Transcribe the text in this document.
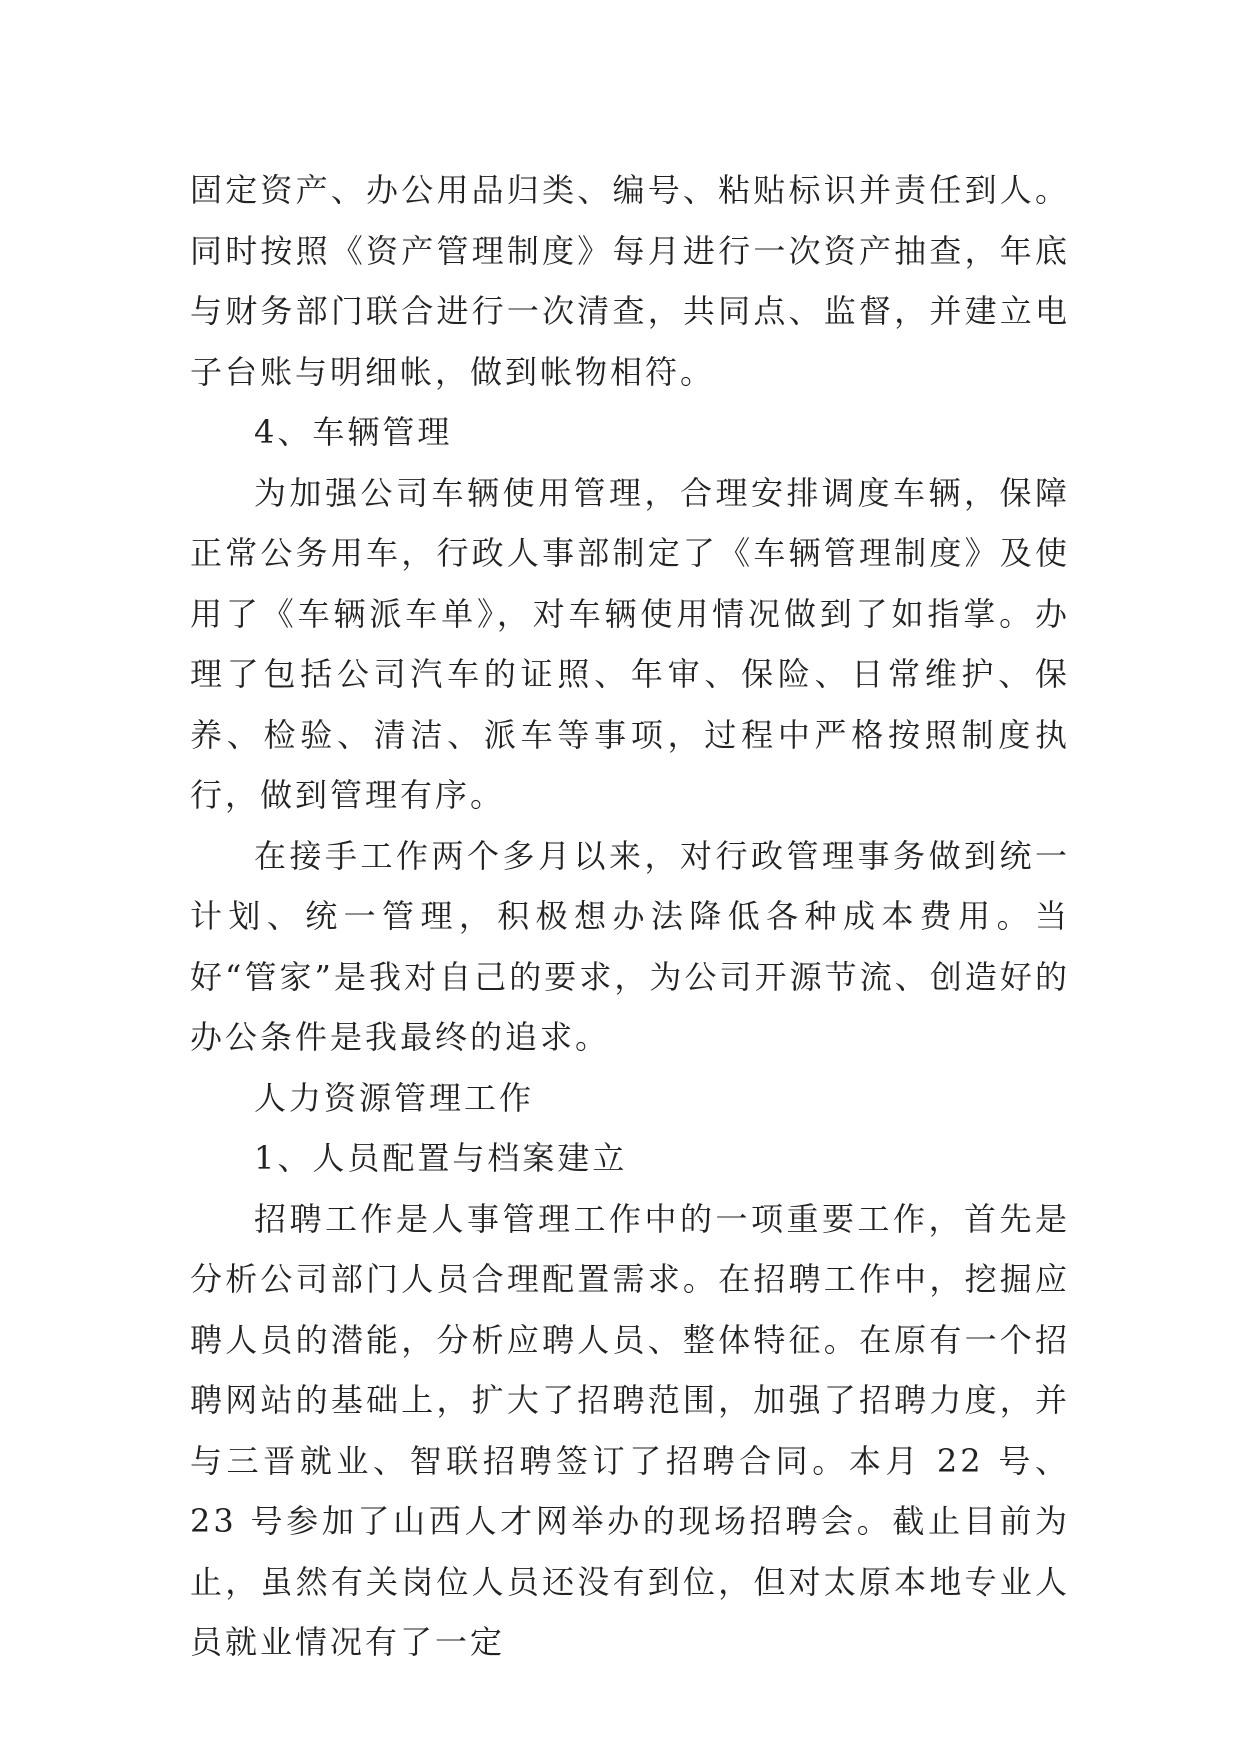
固定资产、办公用品归类、编号、粘贴标识并责任到人。同时按照《资产管理制度》每月进行一次资产抽查，年底与财务部门联合进行一次清查，共同点、监督，并建立电子台账与明细帐，做到帐物相符。

4、车辆管理

为加强公司车辆使用管理，合理安排调度车辆，保障正常公务用车，行政人事部制定了《车辆管理制度》及使用了《车辆派车单》，对车辆使用情况做到了如指掌。办理了包括公司汽车的证照、年审、保险、日常维护、保养、检验、清洁、派车等事项，过程中严格按照制度执行，做到管理有序。

在接手工作两个多月以来，对行政管理事务做到统一计划、统一管理，积极想办法降低各种成本费用。当好“管家”是我对自己的要求，为公司开源节流、创造好的办公条件是我最终的追求。

人力资源管理工作

1、人员配置与档案建立

招聘工作是人事管理工作中的一项重要工作，首先是分析公司部门人员合理配置需求。在招聘工作中，挖掘应聘人员的潜能，分析应聘人员、整体特征。在原有一个招聘网站的基础上，扩大了招聘范围，加强了招聘力度，并与三晋就业、智联招聘签订了招聘合同。本月 22 号、23 号参加了山西人才网举办的现场招聘会。截止目前为止，虽然有关岗位人员还没有到位，但对太原本地专业人员就业情况有了一定
